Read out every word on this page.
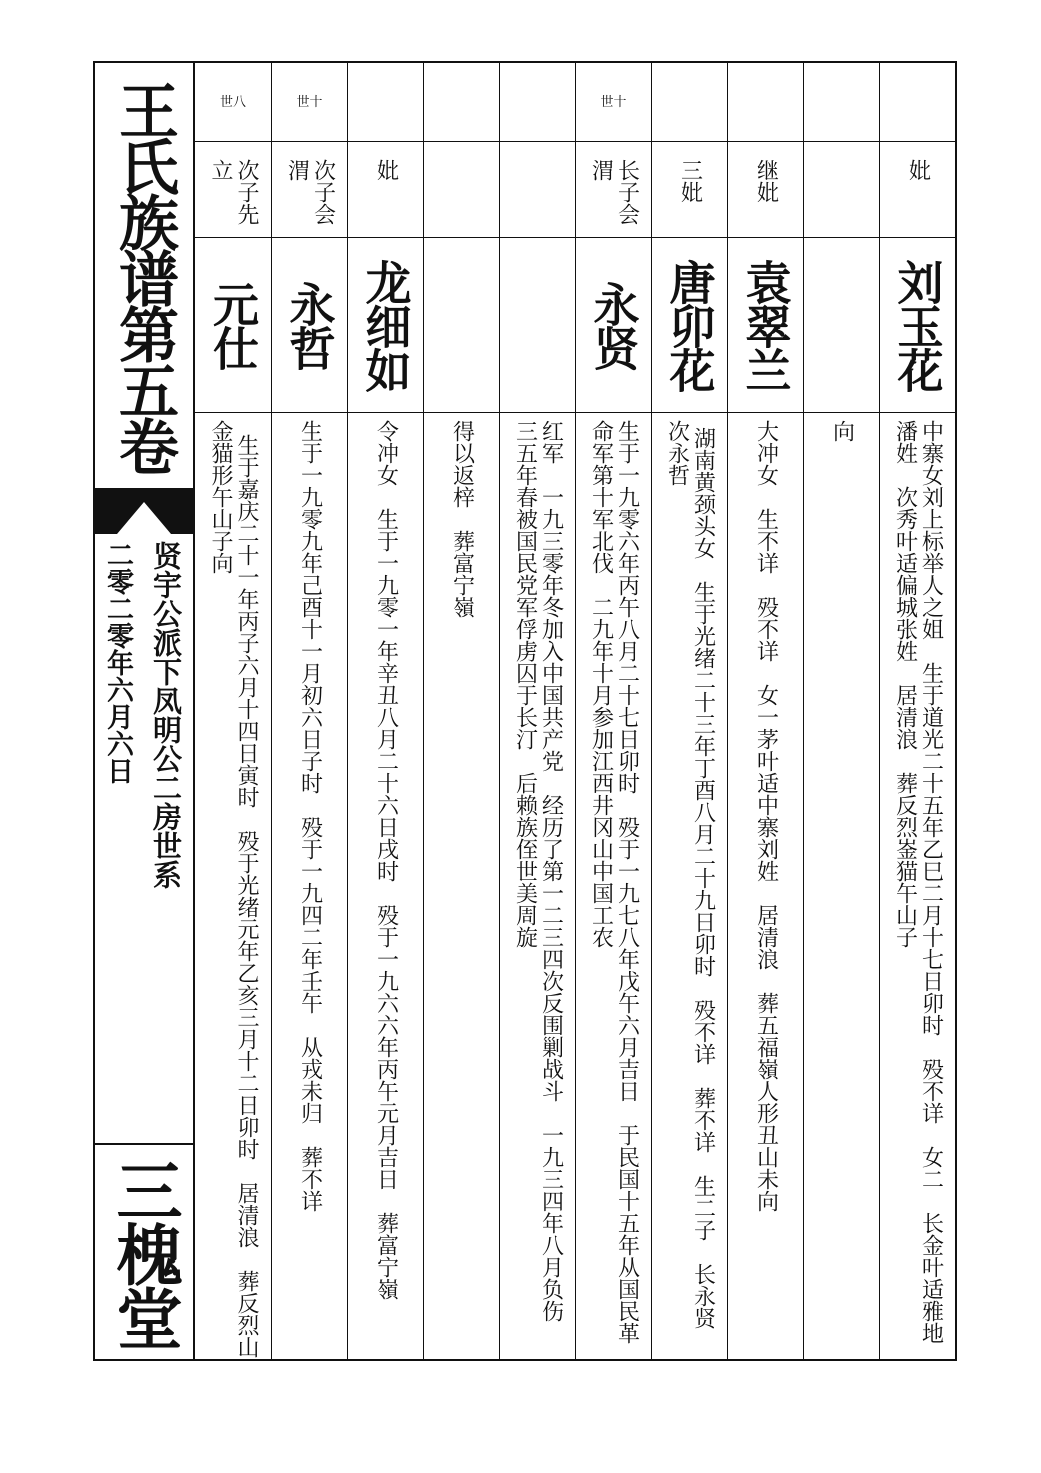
王氏族谱第五卷
贤宇公派下凤明公二房世系
二零二零年六月六日
三槐堂
世八
次子先立
元仕
生于嘉庆二十一年丙子六月十四日寅时　殁于光绪元年乙亥三月十二日卯时　居清浪　葬反烈山金猫形午山子向
世十
次子会渭
永哲
生于一九零九年己酉十一月初六日子时　殁于一九四二年壬午　从戎未归　葬不详
妣
龙细如
令冲女　生于一九零一年辛丑八月二十六日戌时　殁于一九六六年丙午元月吉日　葬富宁嶺 得以返梓　葬富宁嶺	红军　一九三零年冬加入中国共产党　经历了第一二三四次反围剿战斗　一九三四年八月负伤　三五年春被国民党军俘虏囚于长汀　后赖族侄世美周旋
世十
长子会渭
永贤
生于一九零六年丙午八月二十七日卯时　殁于一九七八年戊午六月吉日　于民国十五年从国民革命军第十军北伐　二九年十月参加江西井冈山中国工农
三妣
唐卯花
湖南黄颈头女　生于光绪二十三年丁酉八月二十九日卯时　殁不详　葬不详　生二子　长永贤　次永哲
继妣
袁翠兰
大冲女　生不详　殁不详　女一茅叶适中寨刘姓　居清浪　葬五福嶺人形丑山未向 向
妣
刘玉花
中寨女刘上标举人之姐　生于道光二十五年乙巳二月十七日卯时　殁不详　女二　长金叶适雅地潘姓　次秀叶适偏城张姓　居清浪　葬反烈崟猫午山子
